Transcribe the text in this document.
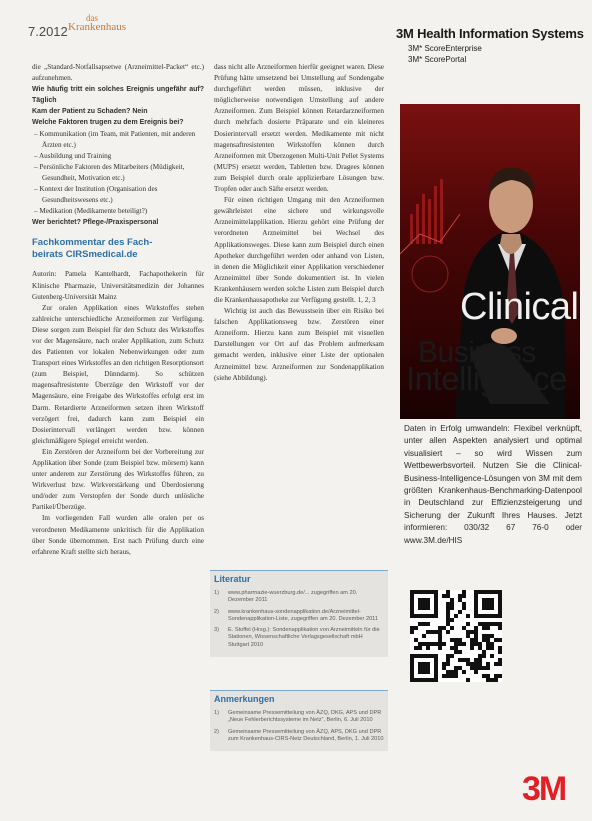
7.2012
das
Krankenhaus

die „Standard-Notfallsapsetwe (Arzneimittel-Packet“ etc.) aufzunehmen.

Wie häufig tritt ein solches Ereignis ungefähr auf? Täglich

Kam der Patient zu Schaden? Nein

Welche Faktoren trugen zu dem Ereignis bei?

– Kommunikation (im Team, mit Patienten, mit anderen Ärzten etc.)
– Ausbildung und Training
– Persönliche Faktoren des Mitarbeiters (Müdigkeit, Gesundheit, Motivation etc.)
– Kontext der Institution (Organisation des Gesundheitswesens etc.)
– Medikation (Medikamente beteiligt?)

Wer berichtet? Pflege-/Praxispersonal

Fachkommentar des Fach-
beirats CIRSmedical.de

Autorin: Pamela Kantelhardt, Fachapothekerin für Klinische Pharmazie, Universitätsmedizin der Johannes Gutenberg-Universität Mainz

Zur oralen Applikation eines Wirkstoffes stehen zahlreiche unterschiedliche Arzneiformen zur Verfügung. Diese sorgen zum Beispiel für den Schutz des Wirkstoffes vor der Magensäure, nach oraler Applikation, zum Schutz des Patienten vor lokalen Nebenwirkungen oder zum Transport eines Wirkstoffes an den richtigen Resorptionsort (zum Beispiel, Dünndarm). So schützen magensaftresistente Überzüge den Wirkstoff vor der Magensäure, eine Freigabe des Wirkstoffes erfolgt erst im Darm. Retardierte Arzneiformen setzen ihren Wirkstoff verzögert frei, dadurch kann zum Beispiel ein Dosierintervall verlängert werden bzw. können gleichmäßigere Spiegel erreicht werden.

Ein Zerstören der Arzneiform bei der Vorbereitung zur Applikation über Sonde (zum Beispiel bzw. mörsern) kann unter anderem zur Zerstörung des Wirkstoffes führen, zu Wirkverlust bzw. Wirkverstärkung und Überdosierung und/oder zum Verstopfen der Sonde durch unlösliche Partikel/Überzüge.

Im vorliegenden Fall wurden alle oralen per os verordneten Medikamente unkritisch für die Applikation über Sonde übernommen. Erst nach Prüfung durch eine erfahrene Kraft stellte sich heraus,

dass nicht alle Arzneiformen hierfür geeignet waren. Diese Prüfung hätte umsetzend bei Umstellung auf Sondengabe durchgeführt werden müssen, inklusive der möglicherweise notwendigen Umstellung auf andere Arzneiformen. Zum Beispiel können Retardarzneiformen durch mehrfach dosierte Präparate und ein kleineres Dosierintervall ersetzt werden. Medikamente mit nicht magensaftresistenten Wirkstoffen können durch Arzneiformen mit Überzogenen Multi-Unit Pellet Systems (MUPS) ersetzt werden, Tabletten bzw. Dragees können zum Beispiel durch orale applizierbare Lösungen bzw. Tropfen oder auch Säfte ersetzt werden.

Für einen richtigen Umgang mit den Arzneiformen gewährleistet eine sichere und wirkungsvolle Arzneimittelapplikation. Hierzu gehört eine Prüfung der verordneten Arzneimittel bei Wechsel des Applikationsweges. Diese kann zum Beispiel durch einen Apotheker durchgeführt werden oder anhand von Listen, in denen die Möglichkeit einer Applikation verschiedener Arzneimittel über Sonde dokumentiert ist. In vielen Krankenhäusern werden solche Listen zum Beispiel durch die Krankenhausapotheke zur Verfügung gestellt. 1, 2, 3

Wichtig ist auch das Bewusstsein über ein Risiko bei falschen Applikationsweg bzw. Zerstören einer Arzneiform. Hierzu kann zum Beispiel mit visuellen Darstellungen vor Ort auf das Problem aufmerksam gemacht werden, inklusive einer Liste der optionalen Arzneimittel bzw. Arzneiformen zur Sondenapplikation (siehe Abbildung).

Literatur
1) www.pharmazie-wuerzburg.de/... zugegriffen am 20. Dezember 2011
2) www.krankenhaus-sondenapplikation.de/Arzneimittel-Sondenapplikation-Liste, zugegriffen am 20. Dezember 2011
3) E. Stoffel (Hrsg.): Sondenapplikation von Arzneimitteln für die Stationen, Wissenschaftliche Verlagsgesellschaft mbH Stuttgart 2010
Anmerkungen
1) Gemeinsame Pressemitteilung von ÄZQ, DKG, APS und DPR „Neue Fehlerberichtssysteme im Netz“, Berlin, 6. Juli 2010
2) Gemeinsame Pressemitteilung von ÄZQ, APS, DKG und DPR zum Krankenhaus-CIRS-Netz Deutschland, Berlin, 1. Juli 2010
3M Health Information Systems
3M* ScoreEnterprise
3M* ScorePortal
Clinical
Business
Intelligence
Daten in Erfolg umwandeln: Flexibel verknüpft, unter allen Aspekten analysiert und optimal visualisiert – so wird Wissen zum Wettbewerbsvorteil. Nutzen Sie die Clinical-Business-Intelligence-Lösungen von 3M mit dem größten Krankenhaus-Benchmarking-Datenpool in Deutschland zur Effizienzsteigerung und Sicherung der Zukunft Ihres Hauses. Jetzt informieren: 030/32 67 76-0 oder www.3M.de/HIS
3M
